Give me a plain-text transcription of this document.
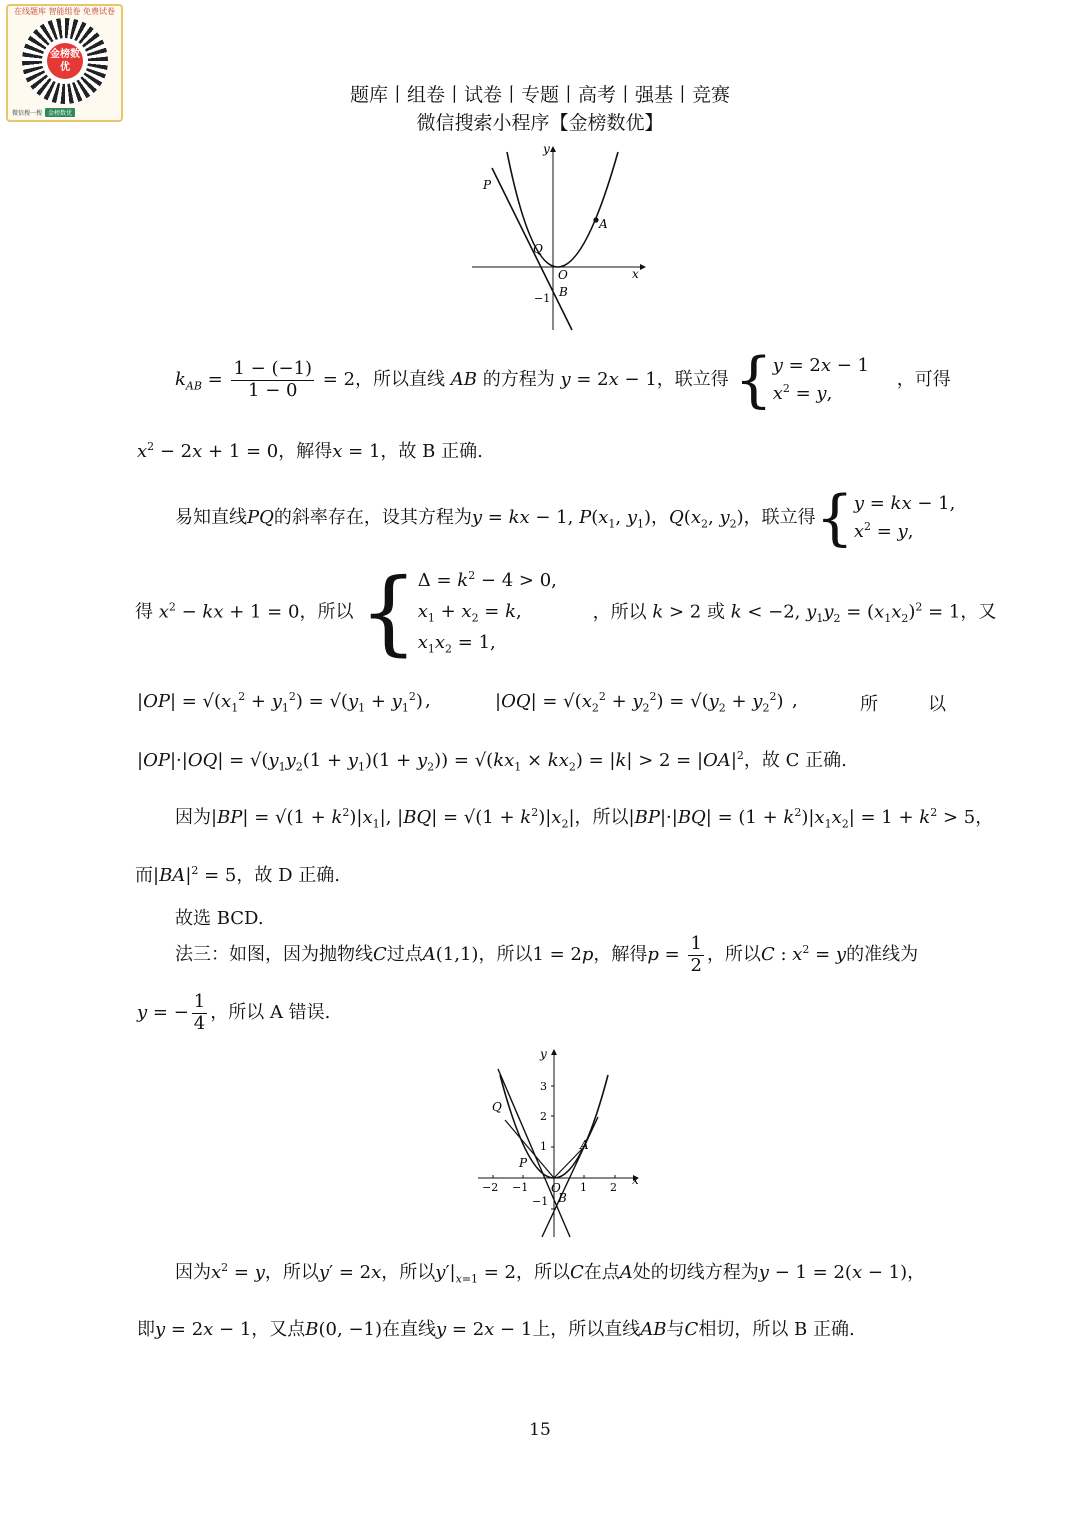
在线题库 智能组卷 免费试卷
金榜数优
微信搜一搜	金榜数优
题库丨组卷丨试卷丨专题丨高考丨强基丨竞赛
微信搜索小程序【金榜数优】
y
x
P
A
Q
O
B
−1
$k_{AB} = \frac{1 - (-1)}{1 - 0} = 2$，所以直线 AB 的方程为 y = 2x − 1，联立得 {y = 2x − 1
$x^2 = y$, ，可得
$x^2 - 2x + 1 = 0$，解得x = 1，故 B 正确.
易知直线PQ的斜率存在，设其方程为y = kx − 1, $P(x_1$, $y_1$)，$Q(x_2$, $y_2$)，联立得{y = kx − 1,
$x^2 = y$,
得 $x^2$ − kx + 1 = 0，所以 {$\Delta = k^2 - 4 > 0$,
$x_1 + x_2 = k$,
$x_1x_2 = 1$, ，所以 k > 2 或 k < −2, $y_1y_2 = (x_1x_2)^2 = 1$，又
$|OP| = √(x_1^2 + y_1^2) = √(y_1 + y_1^2)$ ,	$|OQ| = √(x_2^2 + y_2^2) = √(y_2 + y_2^2)$ ,	所	以
$|OP|\cdot|OQ| = √(y_1y_2(1 + y_1)(1 + y_2)) = √(kx_1 \times kx_2) = |k| > 2 = |OA|^2$，故 C 正确.
因为$|BP| = √(1 + k^2)|x_1|$, $|BQ| = √(1 + k^2)|x_2|$，所以$|BP|\cdot|BQ| = (1 + k^2)|x_1x_2| = 1 + k^2 > 5$，
而$|BA|^2 = 5$，故 D 正确.
故选 BCD.
法三：如图，因为抛物线C过点A(1,1)，所以1 = 2p，解得$p = \frac{1}{2}$ ，所以C : $x^2 = y$的准线为
y = − $\frac{1}{4}$ ，所以 A 错误.
3
2
1
−1
−2 −1	1 2
y
x
Q
A
P
O
B
因为$x^2 = y$，所以y′ = 2x，所以$y'|_{x=1} = 2$，所以C在点A处的切线方程为y − 1 = 2(x − 1)，
即y = 2x − 1，又点B(0, −1)在直线y = 2x − 1上，所以直线AB与C相切，所以 B 正确.
15
